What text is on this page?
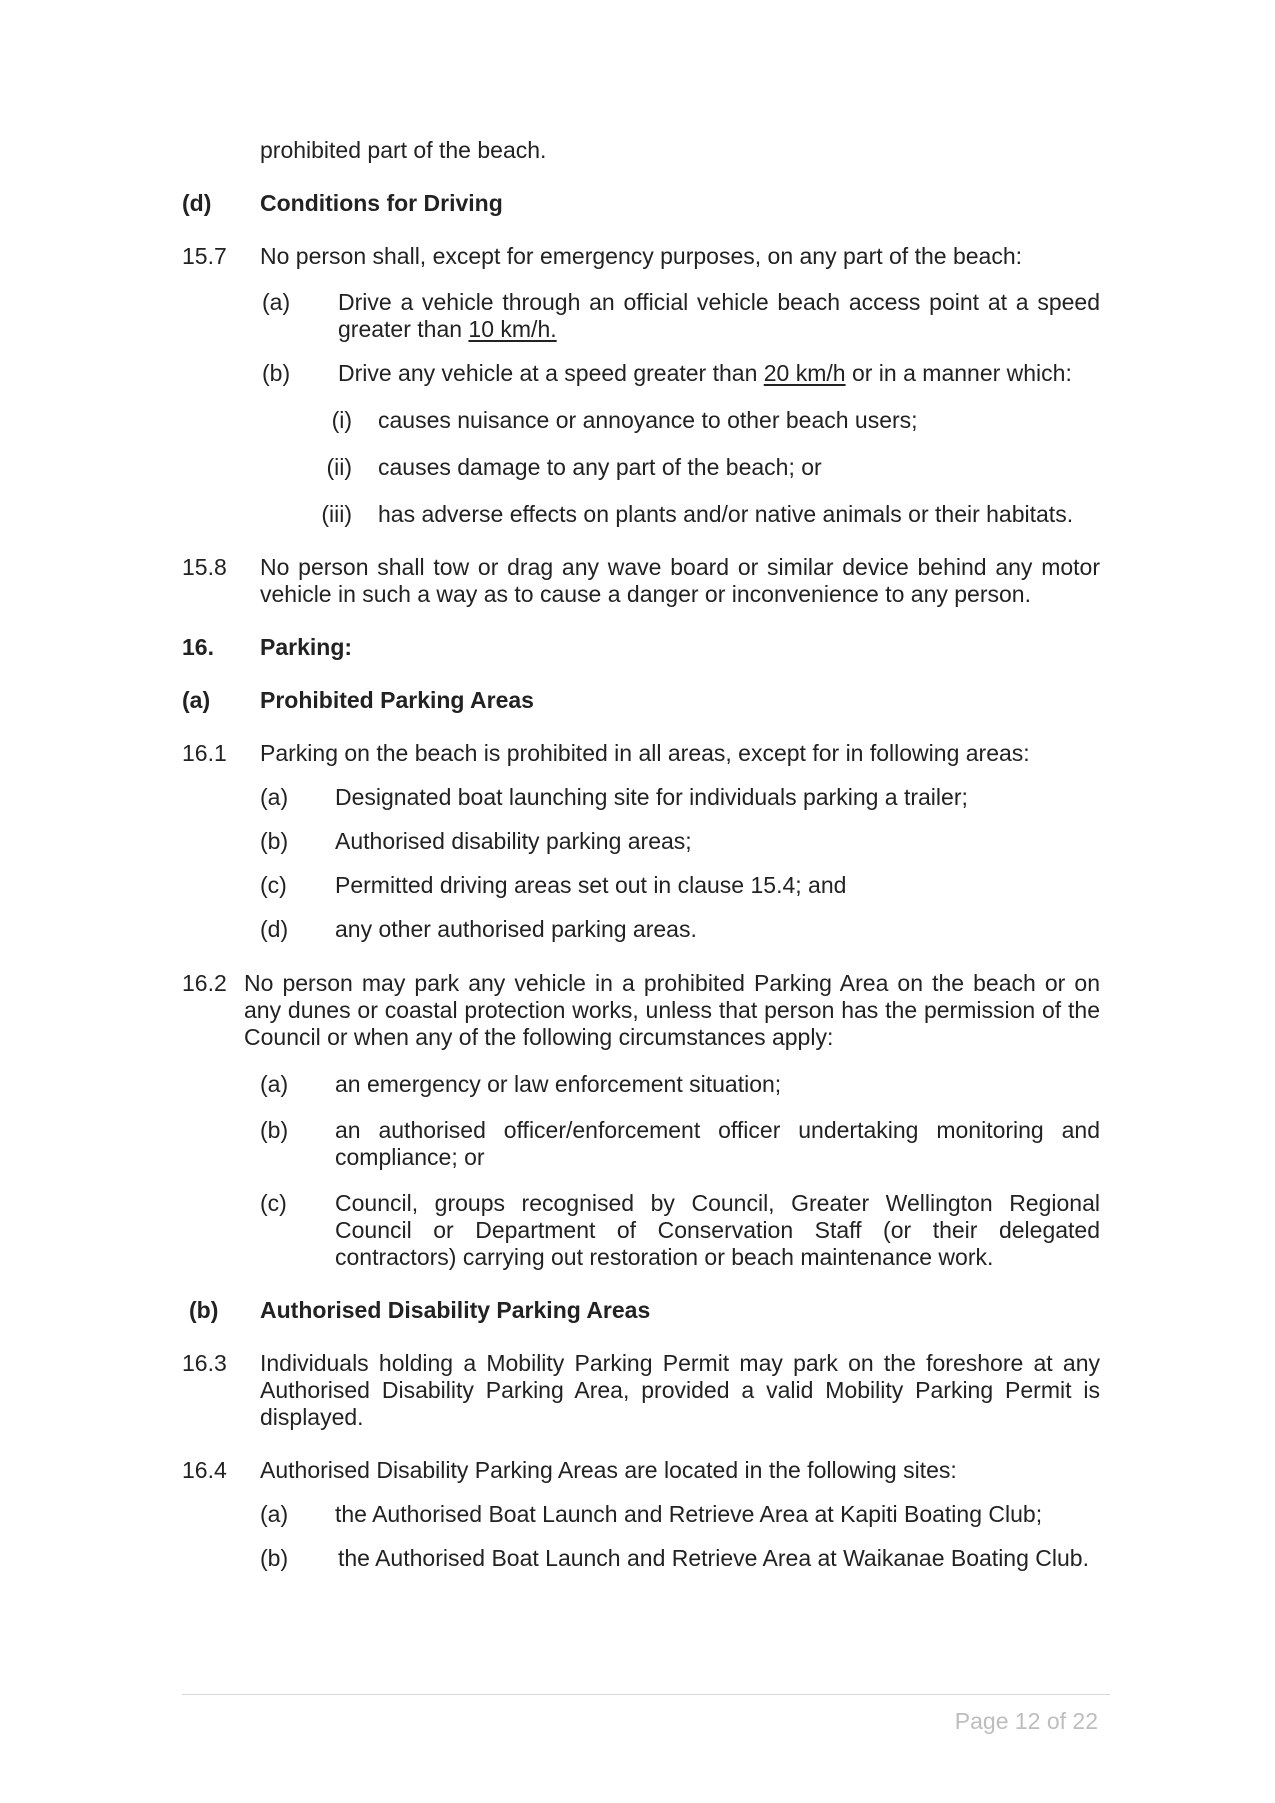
prohibited part of the beach.
(d) Conditions for Driving
15.7 No person shall, except for emergency purposes, on any part of the beach:
(a) Drive a vehicle through an official vehicle beach access point at a speed greater than 10 km/h.
(b) Drive any vehicle at a speed greater than 20 km/h or in a manner which:
(i) causes nuisance or annoyance to other beach users;
(ii) causes damage to any part of the beach; or
(iii) has adverse effects on plants and/or native animals or their habitats.
15.8 No person shall tow or drag any wave board or similar device behind any motor vehicle in such a way as to cause a danger or inconvenience to any person.
16. Parking:
(a) Prohibited Parking Areas
16.1 Parking on the beach is prohibited in all areas, except for in following areas:
(a) Designated boat launching site for individuals parking a trailer;
(b) Authorised disability parking areas;
(c) Permitted driving areas set out in clause 15.4; and
(d) any other authorised parking areas.
16.2 No person may park any vehicle in a prohibited Parking Area on the beach or on any dunes or coastal protection works, unless that person has the permission of the Council or when any of the following circumstances apply:
(a) an emergency or law enforcement situation;
(b) an authorised officer/enforcement officer undertaking monitoring and compliance; or
(c) Council, groups recognised by Council, Greater Wellington Regional Council or Department of Conservation Staff (or their delegated contractors) carrying out restoration or beach maintenance work.
(b) Authorised Disability Parking Areas
16.3 Individuals holding a Mobility Parking Permit may park on the foreshore at any Authorised Disability Parking Area, provided a valid Mobility Parking Permit is displayed.
16.4 Authorised Disability Parking Areas are located in the following sites:
(a) the Authorised Boat Launch and Retrieve Area at Kapiti Boating Club;
(b) the Authorised Boat Launch and Retrieve Area at Waikanae Boating Club.
Page 12 of 22
